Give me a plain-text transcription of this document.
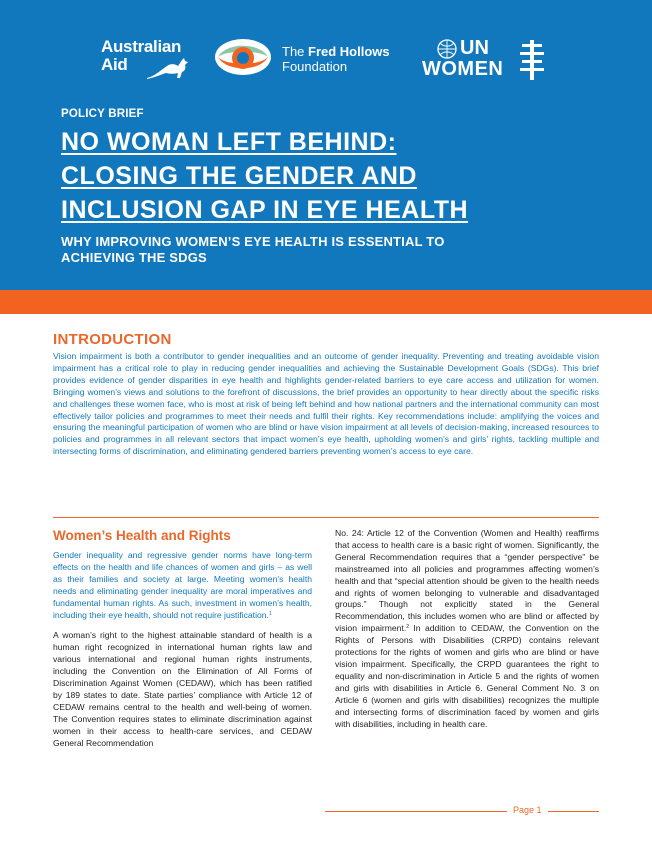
Australian
Aid
The Fred Hollows
Foundation
UN
WOMEN
POLICY BRIEF
NO WOMAN LEFT BEHIND:
CLOSING THE GENDER AND
INCLUSION GAP IN EYE HEALTH
WHY IMPROVING WOMEN’S EYE HEALTH IS ESSENTIAL TO
ACHIEVING THE SDGS
INTRODUCTION

Vision impairment is both a contributor to gender inequalities and an outcome of gender inequality. Preventing and treating avoidable vision impairment has a critical role to play in reducing gender inequalities and achieving the Sustainable Development Goals (SDGs). This brief provides evidence of gender disparities in eye health and highlights gender-related barriers to eye care access and utilization for women. Bringing women’s views and solutions to the forefront of discussions, the brief provides an opportunity to hear directly about the specific risks and challenges these women face, who is most at risk of being left behind and how national partners and the international community can most effectively tailor policies and programmes to meet their needs and fulfil their rights. Key recommendations include: amplifying the voices and ensuring the meaningful participation of women who are blind or have vision impairment at all levels of decision-making, increased resources to policies and programmes in all relevant sectors that impact women’s eye health, upholding women’s and girls’ rights, tackling multiple and intersecting forms of discrimination, and eliminating gendered barriers preventing women’s access to eye care.

Women’s Health and Rights

Gender inequality and regressive gender norms have long-term effects on the health and life chances of women and girls – as well as their families and society at large. Meeting women’s health needs and eliminating gender inequality are moral imperatives and fundamental human rights. As such, investment in women’s health, including their eye health, should not require justification.$^1$

A woman’s right to the highest attainable standard of health is a human right recognized in international human rights law and various international and regional human rights instruments, including the Convention on the Elimination of All Forms of Discrimination Against Women (CEDAW), which has been ratified by 189 states to date. State parties’ compliance with Article 12 of CEDAW remains central to the health and well-being of women. The Convention requires states to eliminate discrimination against women in their access to health-care services, and CEDAW General Recommendation

No. 24: Article 12 of the Convention (Women and Health) reaffirms that access to health care is a basic right of women. Significantly, the General Recommendation requires that a “gender perspective” be mainstreamed into all policies and programmes affecting women’s health and that “special attention should be given to the health needs and rights of women belonging to vulnerable and disadvantaged groups.” Though not explicitly stated in the General Recommendation, this includes women who are blind or affected by vision impairment.$^2$ In addition to CEDAW, the Convention on the Rights of Persons with Disabilities (CRPD) contains relevant protections for the rights of women and girls who are blind or have vision impairment. Specifically, the CRPD guarantees the right to equality and non-discrimination in Article 5 and the rights of women and girls with disabilities in Article 6. General Comment No. 3 on Article 6 (women and girls with disabilities) recognizes the multiple and intersecting forms of discrimination faced by women and girls with disabilities, including in health care.

Page 1
